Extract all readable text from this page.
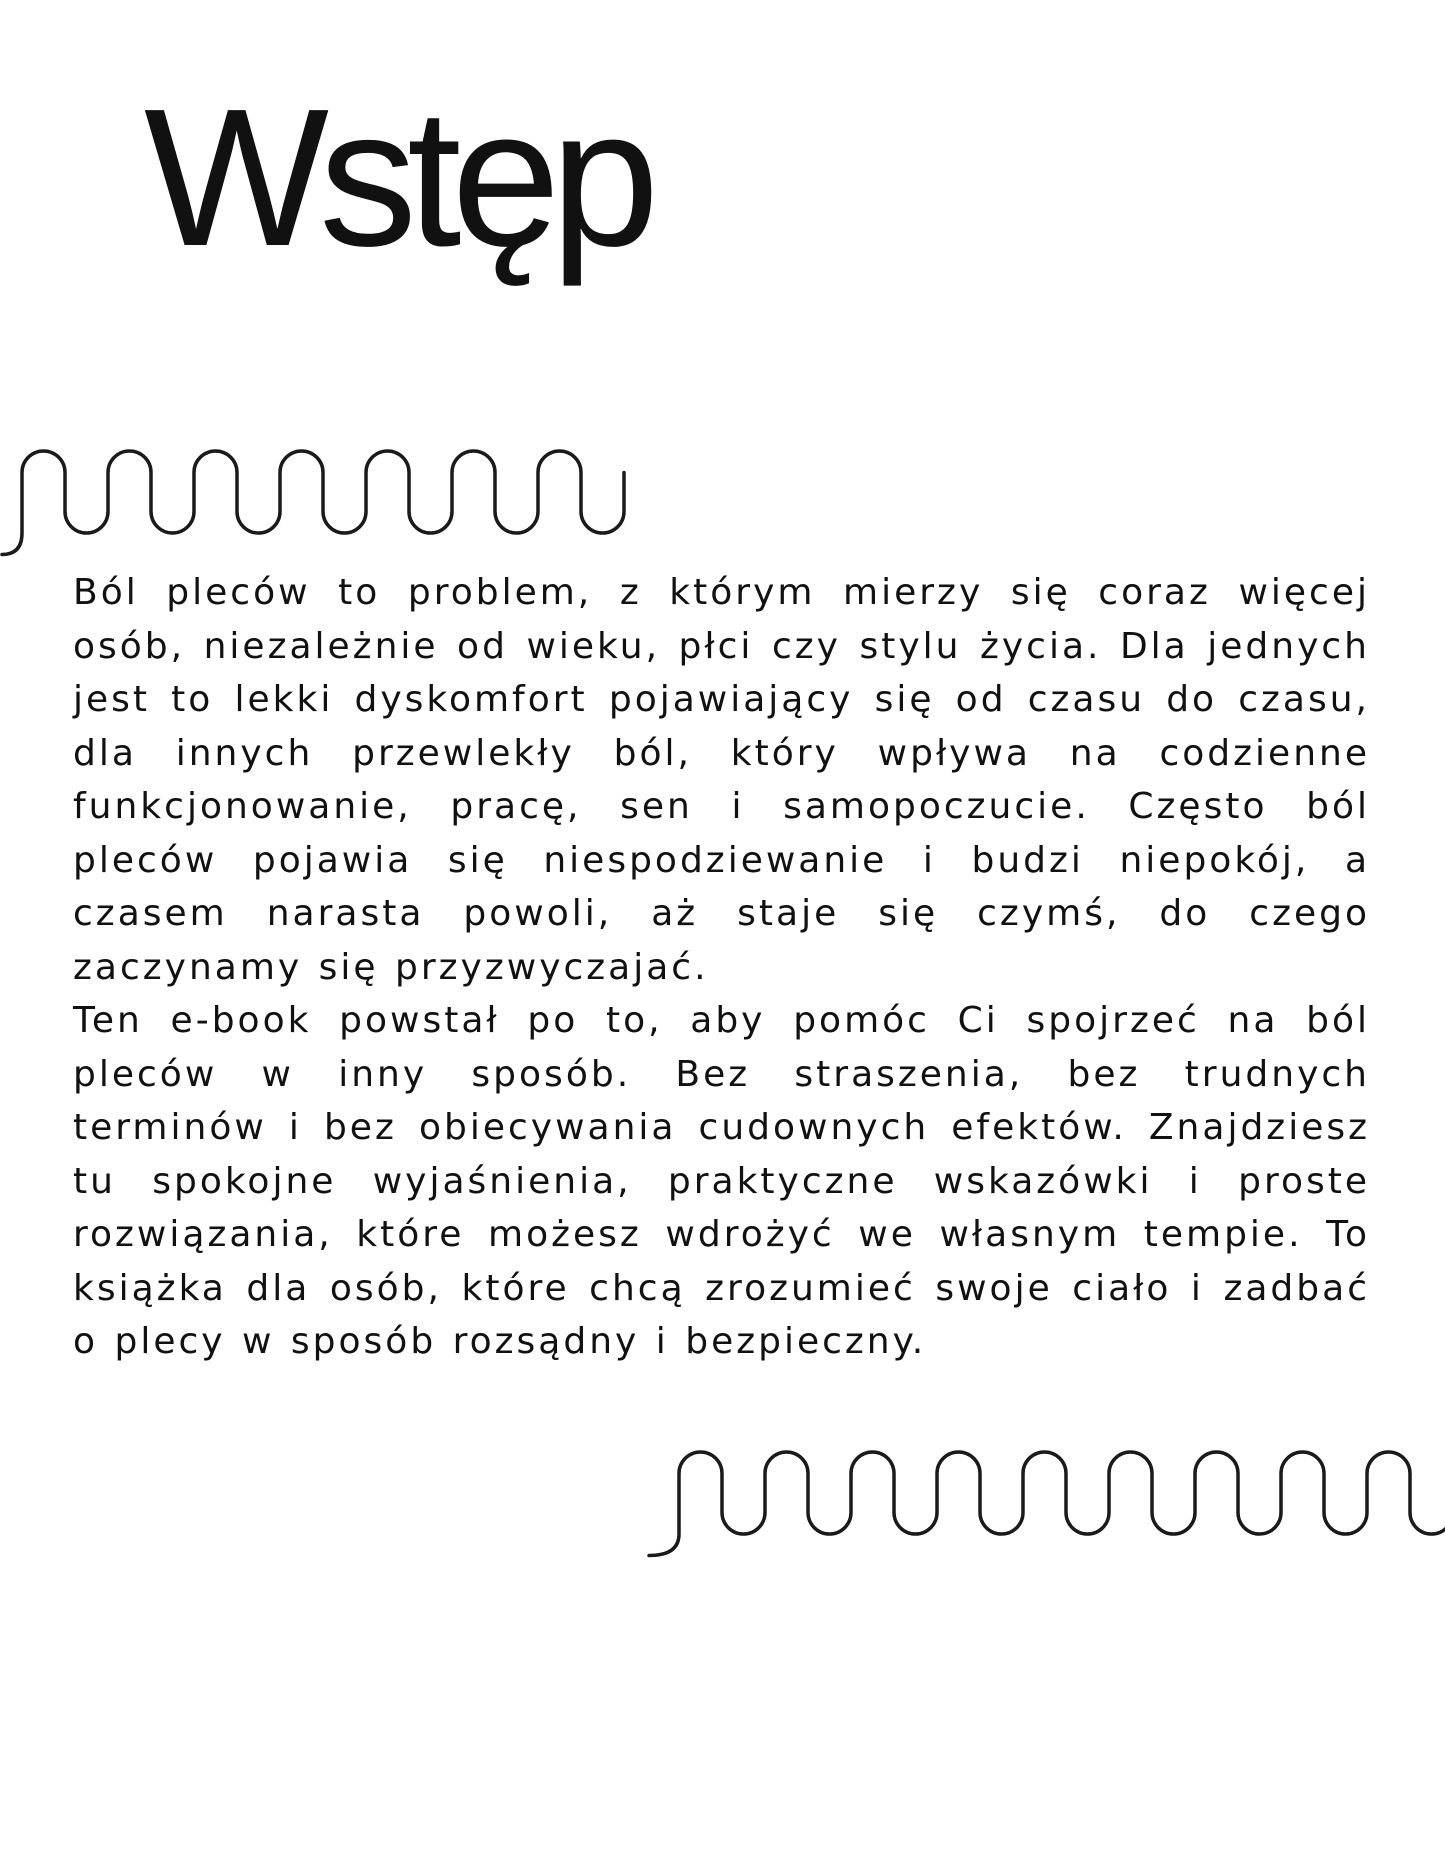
Wstęp

Ból pleców to problem, z którym mierzy się coraz więcej osób, niezależnie od wieku, płci czy stylu życia. Dla jednych jest to lekki dyskomfort pojawiający się od czasu do czasu, dla innych przewlekły ból, który wpływa na codzienne funkcjonowanie, pracę, sen i samopoczucie. Często ból pleców pojawia się niespodziewanie i budzi niepokój, a czasem narasta powoli, aż staje się czymś, do czego zaczynamy się przyzwyczajać.

Ten e-book powstał po to, aby pomóc Ci spojrzeć na ból pleców w inny sposób. Bez straszenia, bez trudnych terminów i bez obiecywania cudownych efektów. Znajdziesz tu spokojne wyjaśnienia, praktyczne wskazówki i proste rozwiązania, które możesz wdrożyć we własnym tempie. To książka dla osób, które chcą zrozumieć swoje ciało i zadbać o plecy w sposób rozsądny i bezpieczny.
